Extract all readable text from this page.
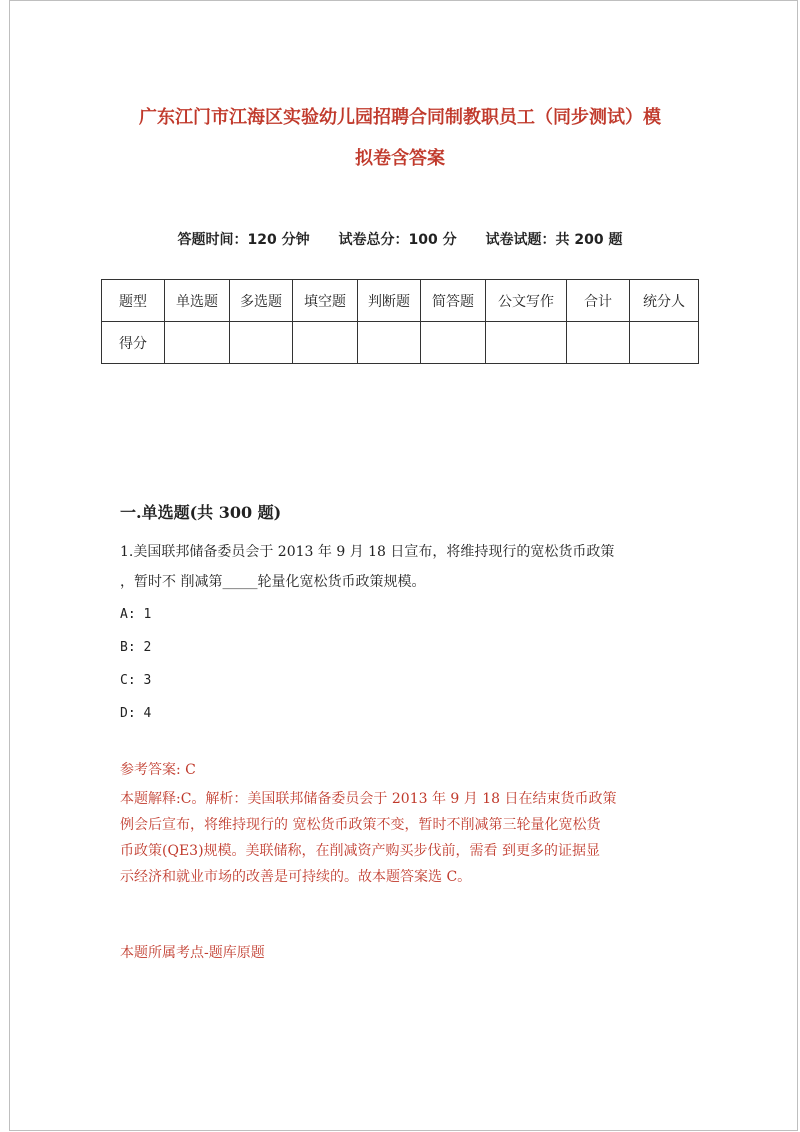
广东江门市江海区实验幼儿园招聘合同制教职员工（同步测试）模
拟卷含答案
答题时间：120 分钟 试卷总分：100 分 试卷试题：共 200 题
题型	单选题	多选题	填空题	判断题	简答题	公文写作	合计	统分人
得分								
一.单选题(共 300 题)
1.美国联邦储备委员会于 2013 年 9 月 18 日宣布，将维持现行的宽松货币政策
，暂时不 削减第_____轮量化宽松货币政策规模。
A: 1
B: 2
C: 3
D: 4
参考答案: C
本题解释:C。解析：美国联邦储备委员会于 2013 年 9 月 18 日在结束货币政策
例会后宣布，将维持现行的 宽松货币政策不变，暂时不削减第三轮量化宽松货
币政策(QE3)规模。美联储称，在削减资产购买步伐前，需看 到更多的证据显
示经济和就业市场的改善是可持续的。故本题答案选 C。
本题所属考点-题库原题
